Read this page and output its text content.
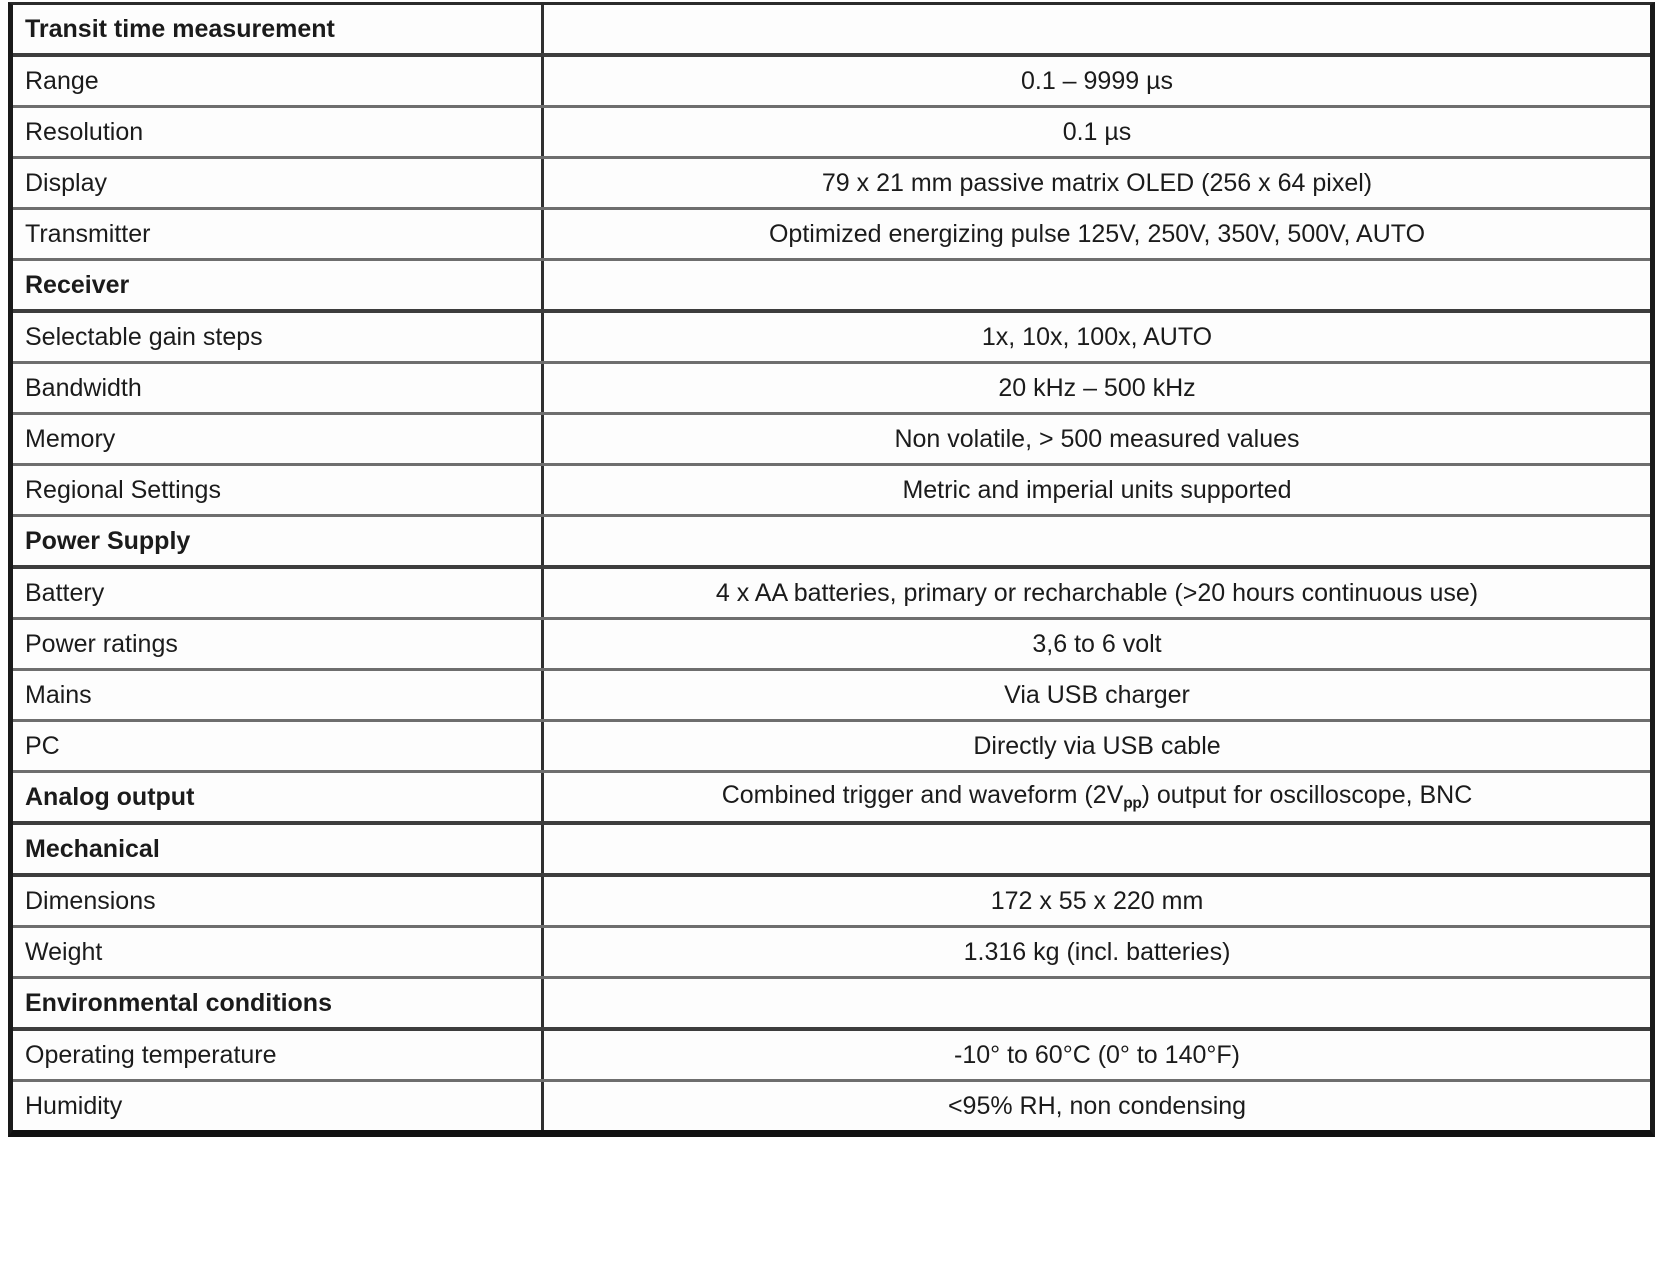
Transit time measurement	
Range	0.1 – 9999 µs
Resolution	0.1 µs
Display	79 x 21 mm passive matrix OLED (256 x 64 pixel)
Transmitter	Optimized energizing pulse 125V, 250V, 350V, 500V, AUTO
Receiver	
Selectable gain steps	1x, 10x, 100x, AUTO
Bandwidth	20 kHz – 500 kHz
Memory	Non volatile, > 500 measured values
Regional Settings	Metric and imperial units supported
Power Supply	
Battery	4 x AA batteries, primary or recharchable (>20 hours continuous use)
Power ratings	3,6 to 6 volt
Mains	Via USB charger
PC	Directly via USB cable
Analog output	Combined trigger and waveform $(2V_{pp})$ output for oscilloscope, BNC
Mechanical	
Dimensions	172 x 55 x 220 mm
Weight	1.316 kg (incl. batteries)
Environmental conditions	
Operating temperature	-10° to 60°C (0° to 140°F)
Humidity	<95% RH, non condensing
